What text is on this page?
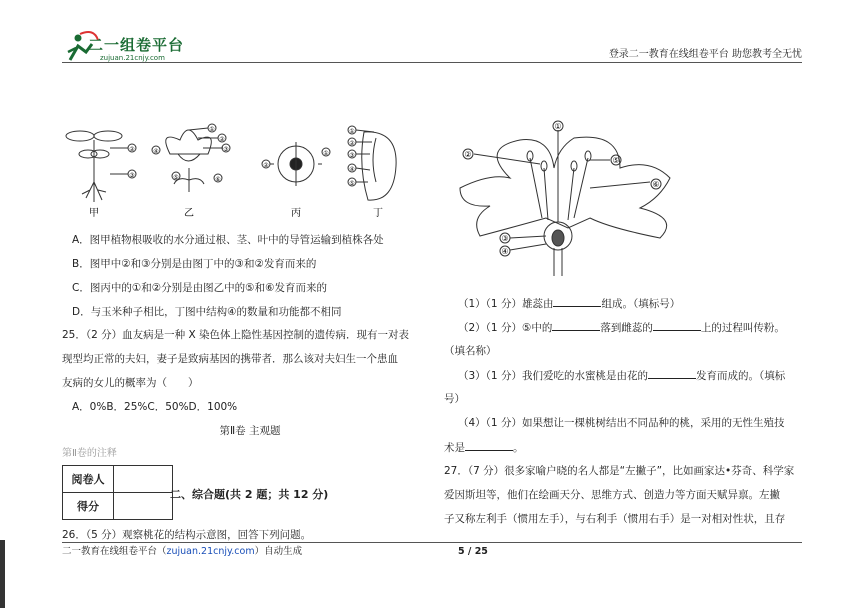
二一组卷平台
zujuan.21cnjy.com	登录二一教育在线组卷平台 助您教考全无忧
②
③
①
②
③
④
⑤	⑥
②
①
①
②
③
④
⑤
甲	乙	丙	丁
A．图甲植物根吸收的水分通过根、茎、叶中的导管运输到植株各处
B．图甲中②和③分别是由图丁中的③和②发育而来的
C．图丙中的①和②分别是由图乙中的⑤和⑥发育而来的
D．与玉米种子相比，丁图中结构④的数量和功能都不相同
25．（2 分）血友病是一种 X 染色体上隐性基因控制的遗传病．现有一对表
现型均正常的夫妇，妻子是致病基因的携带者．那么该对夫妇生一个患血
友病的女儿的概率为（　　）
A．0%B．25%C．50%D．100%
第Ⅱ卷 主观题
第Ⅱ卷的注释
阅卷人	
得分	
二、综合题(共 2 题；共 12 分)
26．（5 分）观察桃花的结构示意图，回答下列问题。
①
②
③
④
⑤
⑥
（1）（1 分）雄蕊由	组成。（填标号）
（2）（1 分）⑤中的	落到雌蕊的	上的过程叫传粉。
（填名称）
（3）（1 分）我们爱吃的水蜜桃是由花的	发育而成的。（填标
号）
（4）（1 分）如果想让一棵桃树结出不同品种的桃，采用的无性生殖技
术是	。
27．（7 分）很多家喻户晓的名人都是“左撇子”，比如画家达•芬奇、科学家
爱因斯坦等，他们在绘画天分、思维方式、创造力等方面天赋异禀。左撇
子又称左利手（惯用左手），与右利手（惯用右手）是一对相对性状，且存
二一教育在线组卷平台（zujuan.21cnjy.com）自动生成	5 / 25
